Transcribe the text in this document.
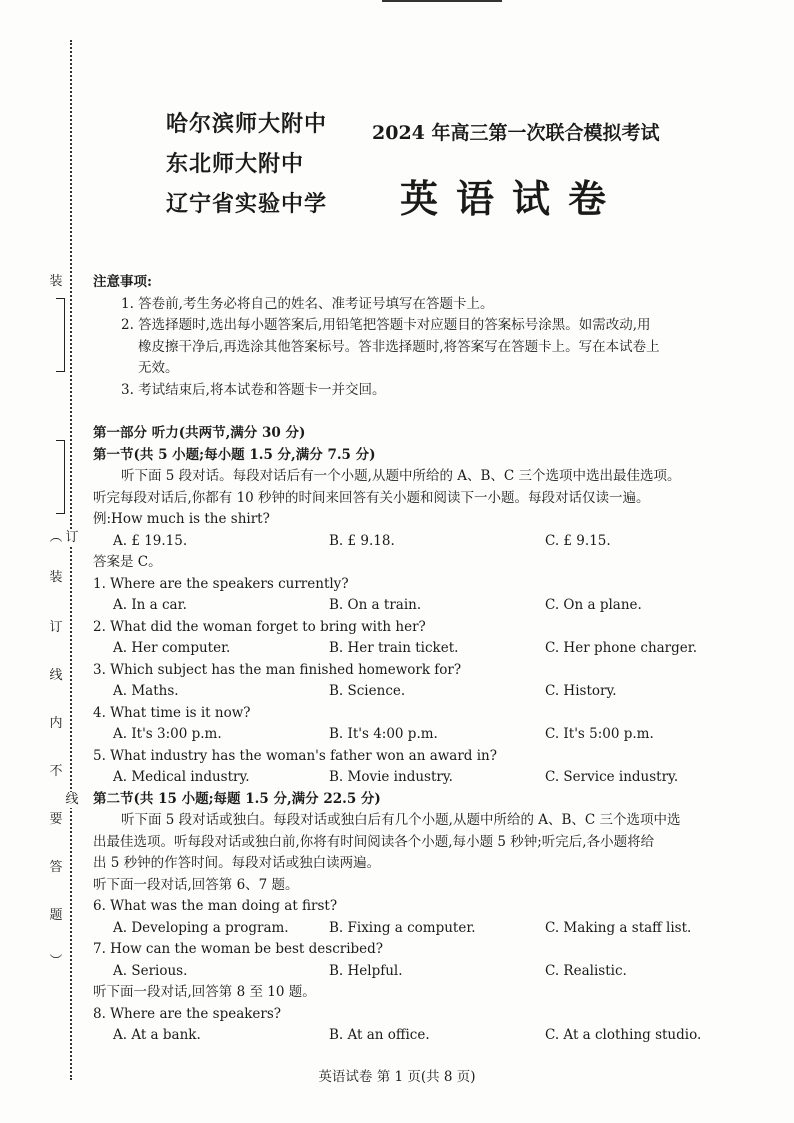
装
︵ 订
装
订
线
内
不
线
要
答
题
︶
哈尔滨师大附中
东北师大附中
辽宁省实验中学
2024 年高三第一次联合模拟考试
英语试卷
注意事项:
1. 答卷前,考生务必将自己的姓名、准考证号填写在答题卡上。
2. 答选择题时,选出每小题答案后,用铅笔把答题卡对应题目的答案标号涂黑。如需改动,用
橡皮擦干净后,再选涂其他答案标号。答非选择题时,将答案写在答题卡上。写在本试卷上
无效。
3. 考试结束后,将本试卷和答题卡一并交回。
第一部分 听力(共两节,满分 30 分)
第一节(共 5 小题;每小题 1.5 分,满分 7.5 分)
听下面 5 段对话。每段对话后有一个小题,从题中所给的 A、B、C 三个选项中选出最佳选项。
听完每段对话后,你都有 10 秒钟的时间来回答有关小题和阅读下一小题。每段对话仅读一遍。
例:How much is the shirt?
A. £ 19.15.	B. £ 9.18.	C. £ 9.15.
答案是 C。
1. Where are the speakers currently?
A. In a car.	B. On a train.	C. On a plane.
2. What did the woman forget to bring with her?
A. Her computer.	B. Her train ticket.	C. Her phone charger.
3. Which subject has the man finished homework for?
A. Maths.	B. Science.	C. History.
4. What time is it now?
A. It's 3:00 p.m.	B. It's 4:00 p.m.	C. It's 5:00 p.m.
5. What industry has the woman's father won an award in?
A. Medical industry.	B. Movie industry.	C. Service industry.
第二节(共 15 小题;每题 1.5 分,满分 22.5 分)
听下面 5 段对话或独白。每段对话或独白后有几个小题,从题中所给的 A、B、C 三个选项中选
出最佳选项。听每段对话或独白前,你将有时间阅读各个小题,每小题 5 秒钟;听完后,各小题将给
出 5 秒钟的作答时间。每段对话或独白读两遍。
听下面一段对话,回答第 6、7 题。
6. What was the man doing at first?
A. Developing a program.	B. Fixing a computer.	C. Making a staff list.
7. How can the woman be best described?
A. Serious.	B. Helpful.	C. Realistic.
听下面一段对话,回答第 8 至 10 题。
8. Where are the speakers?
A. At a bank.	B. At an office.	C. At a clothing studio.
英语试卷 第 1 页(共 8 页)
